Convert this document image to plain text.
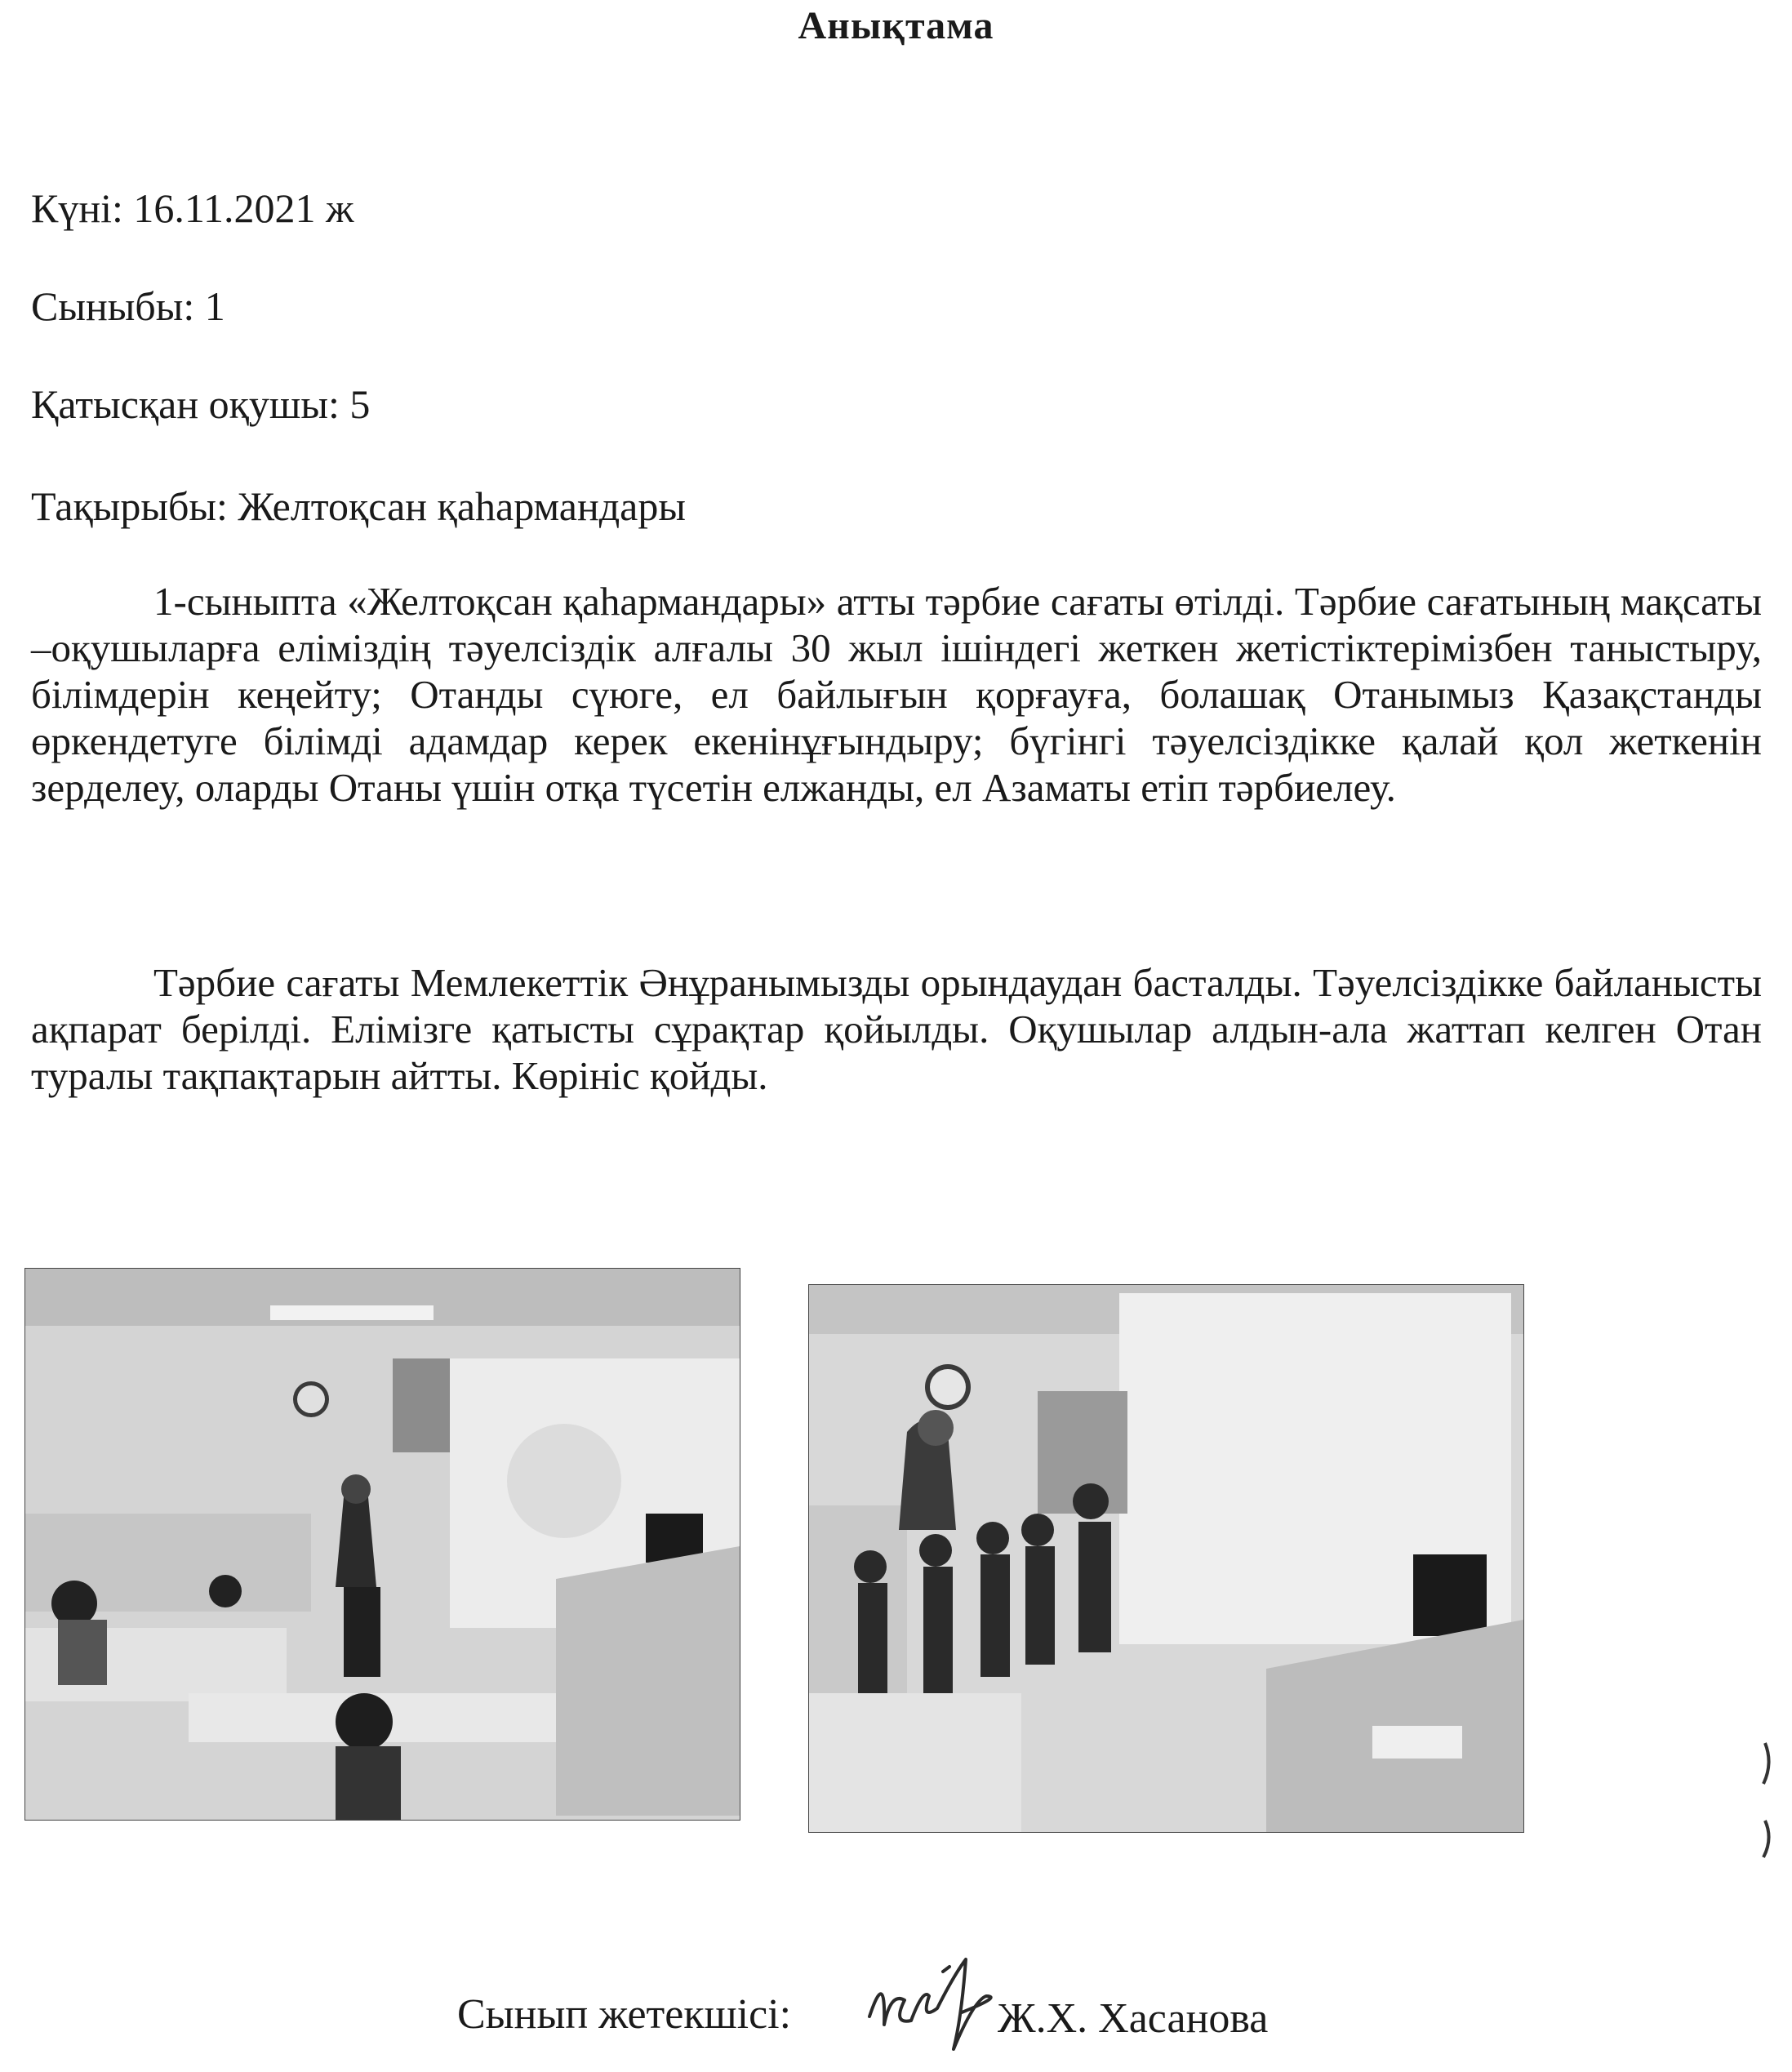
Анықтама
Күні: 16.11.2021 ж
Сыныбы: 1
Қатысқан оқушы: 5
Тақырыбы: Желтоқсан қаһармандары

1-сыныпта «Желтоқсан қаһармандары» атты тәрбие сағаты өтілді. Тәрбие сағатының мақсаты –оқушыларға еліміздің тәуелсіздік алғалы 30 жыл ішіндегі жеткен жетістіктерімізбен таныстыру, білімдерін кеңейту; Отанды сүюге, ел байлығын қорғауға, болашақ Отанымыз Қазақстанды өркендетуге білімді адамдар керек екенінұғындыру; бүгінгі тәуелсіздікке қалай қол жеткенін зерделеу, оларды Отаны үшін отқа түсетін елжанды, ел Азаматы етіп тәрбиелеу.

Тәрбие сағаты Мемлекеттік Әнұранымызды орындаудан басталды. Тәуелсіздікке байланысты ақпарат берілді. Елімізге қатысты сұрақтар қойылды. Оқушылар алдын-ала жаттап келген Отан туралы тақпақтарын айтты. Көрініс қойды.

Сынып жетекшісі:	Ж.Х. Хасанова
